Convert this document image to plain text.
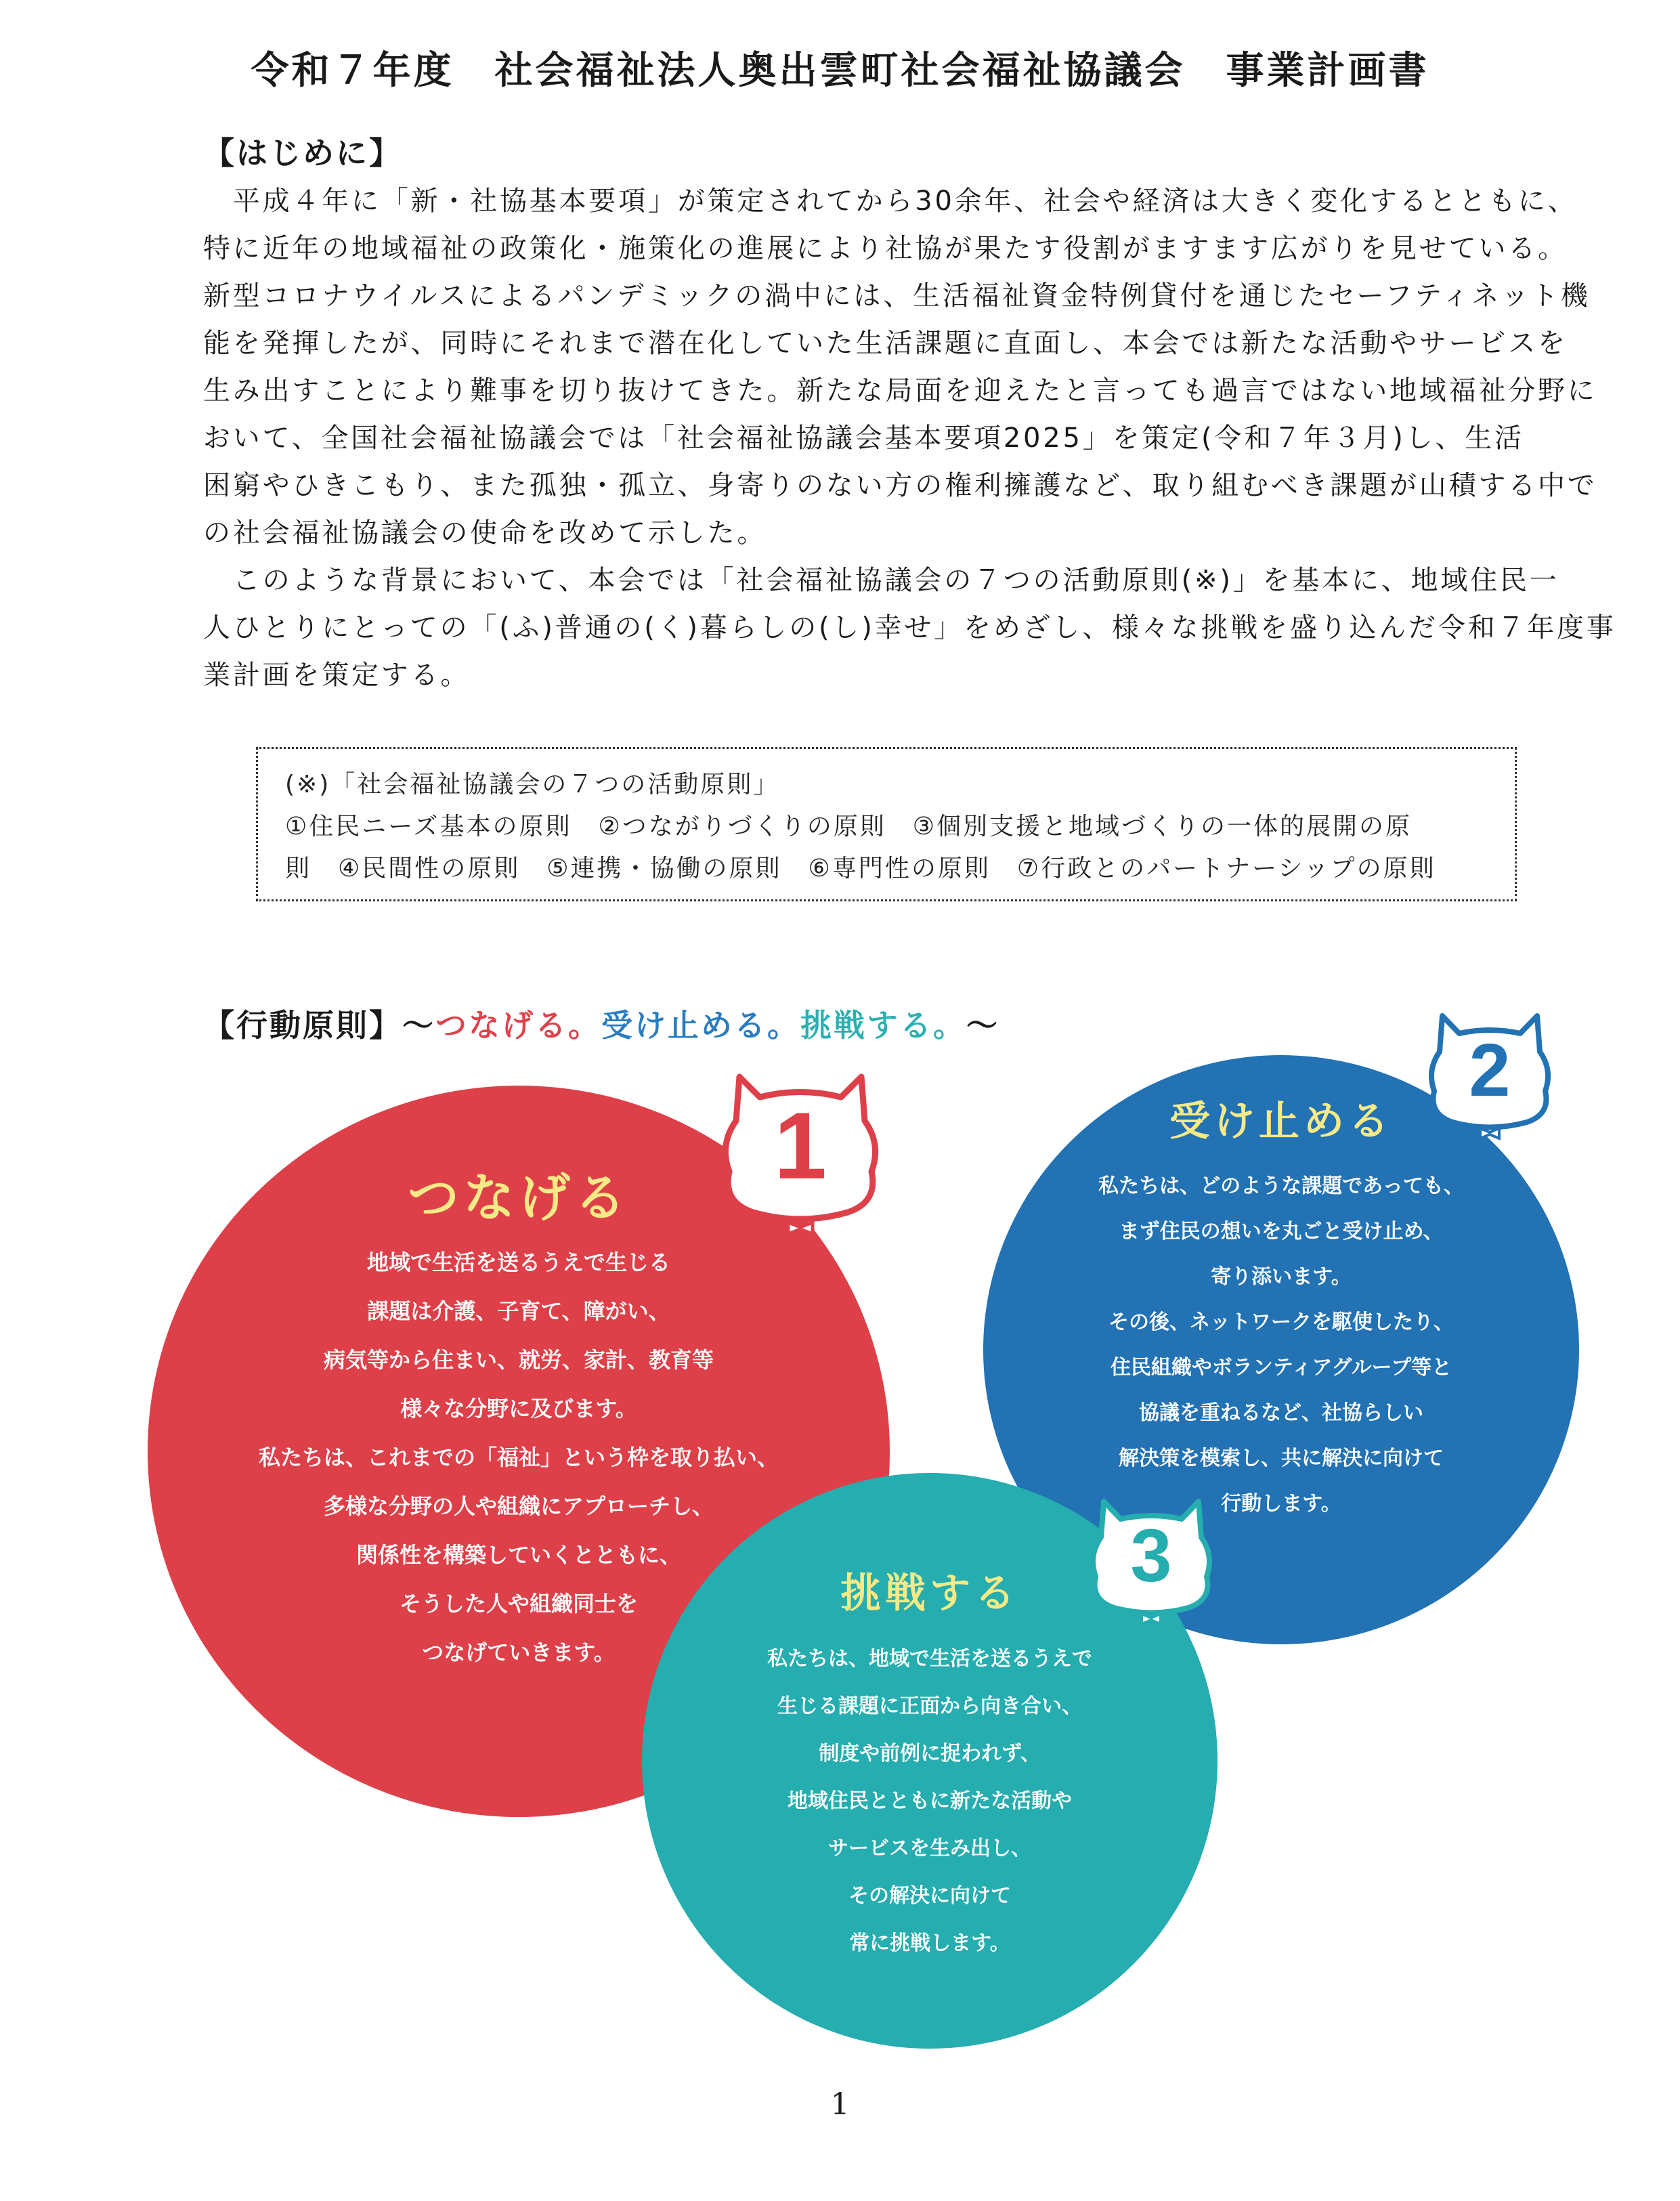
令和７年度　社会福祉法人奥出雲町社会福祉協議会　事業計画書
【はじめに】
　平成４年に「新・社協基本要項」が策定されてから30余年、社会や経済は大きく変化するとともに、
特に近年の地域福祉の政策化・施策化の進展により社協が果たす役割がますます広がりを見せている。
新型コロナウイルスによるパンデミックの渦中には、生活福祉資金特例貸付を通じたセーフティネット機
能を発揮したが、同時にそれまで潜在化していた生活課題に直面し、本会では新たな活動やサービスを
生み出すことにより難事を切り抜けてきた。新たな局面を迎えたと言っても過言ではない地域福祉分野に
おいて、全国社会福祉協議会では「社会福祉協議会基本要項2025」を策定(令和７年３月)し、生活
困窮やひきこもり、また孤独・孤立、身寄りのない方の権利擁護など、取り組むべき課題が山積する中で
の社会福祉協議会の使命を改めて示した。
　このような背景において、本会では「社会福祉協議会の７つの活動原則(※)」を基本に、地域住民一
人ひとりにとっての「(ふ)普通の(く)暮らしの(し)幸せ」をめざし、様々な挑戦を盛り込んだ令和７年度事
業計画を策定する。
(※)「社会福祉協議会の７つの活動原則」
①住民ニーズ基本の原則　②つながりづくりの原則　③個別支援と地域づくりの一体的展開の原
則　④民間性の原則　⑤連携・協働の原則　⑥専門性の原則　⑦行政とのパートナーシップの原則
【行動原則】～つなげる。受け止める。挑戦する。～
つなげる
地域で生活を送るうえで生じる
課題は介護、子育て、障がい、
病気等から住まい、就労、家計、教育等
様々な分野に及びます。
私たちは、これまでの「福祉」という枠を取り払い、
多様な分野の人や組織にアプローチし、
関係性を構築していくとともに、
そうした人や組織同士を
つなげていきます。
受け止める
私たちは、どのような課題であっても、
まず住民の想いを丸ごと受け止め、
寄り添います。
その後、ネットワークを駆使したり、
住民組織やボランティアグループ等と
協議を重ねるなど、社協らしい
解決策を模索し、共に解決に向けて
行動します。
挑戦する
私たちは、地域で生活を送るうえで
生じる課題に正面から向き合い、
制度や前例に捉われず、
地域住民とともに新たな活動や
サービスを生み出し、
その解決に向けて
常に挑戦します。
1
2
3
1
